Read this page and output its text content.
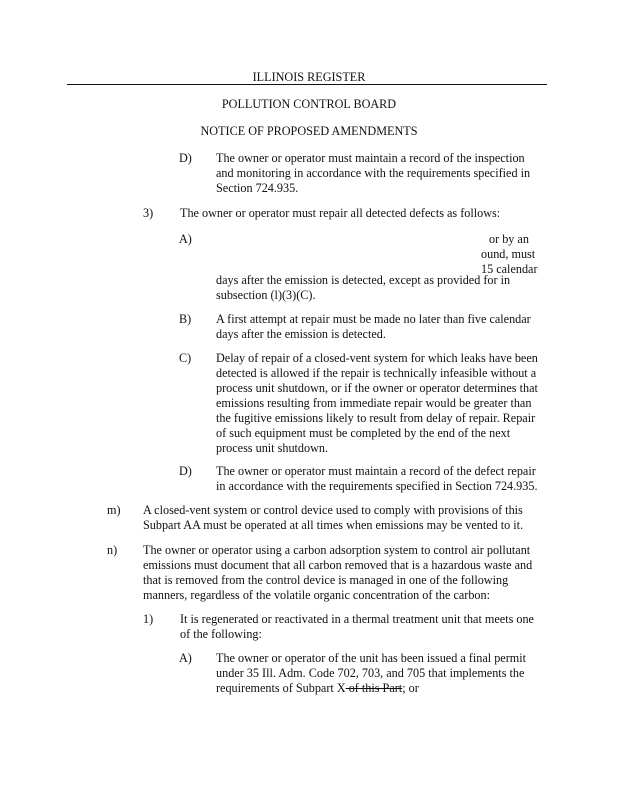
ILLINOIS REGISTER
POLLUTION CONTROL BOARD
NOTICE OF PROPOSED AMENDMENTS
D) The owner or operator must maintain a record of the inspection
and monitoring in accordance with the requirements specified in
Section 724.935.
3) The owner or operator must repair all detected defects as follows:
A)	or by an
ound, must
15 calendar
days after the emission is detected, except as provided for in
subsection (l)(3)(C).
B) A first attempt at repair must be made no later than five calendar
days after the emission is detected.
C) Delay of repair of a closed-vent system for which leaks have been
detected is allowed if the repair is technically infeasible without a
process unit shutdown, or if the owner or operator determines that
emissions resulting from immediate repair would be greater than
the fugitive emissions likely to result from delay of repair. Repair
of such equipment must be completed by the end of the next
process unit shutdown.
D) The owner or operator must maintain a record of the defect repair
in accordance with the requirements specified in Section 724.935.
m) A closed-vent system or control device used to comply with provisions of this
Subpart AA must be operated at all times when emissions may be vented to it.
n) The owner or operator using a carbon adsorption system to control air pollutant
emissions must document that all carbon removed that is a hazardous waste and
that is removed from the control device is managed in one of the following
manners, regardless of the volatile organic concentration of the carbon:
1) It is regenerated or reactivated in a thermal treatment unit that meets one
of the following:
A) The owner or operator of the unit has been issued a final permit
under 35 Ill. Adm. Code 702, 703, and 705 that implements the
requirements of Subpart X of this Part; or
